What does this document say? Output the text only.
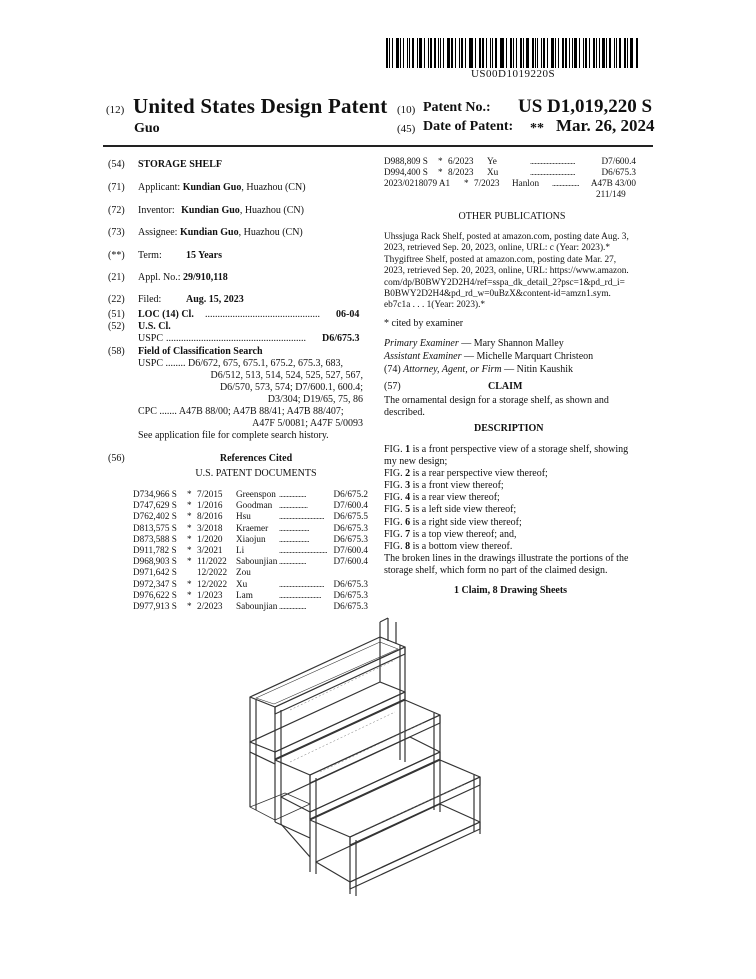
US00D1019220S
(12) United States Design Patent (10) Patent No.: US D1,019,220 S
Guo	(45) Date of Patent: ** Mar. 26, 2024
(54) STORAGE SHELF
(71) Applicant: Kundian Guo, Huazhou (CN)
(72) Inventor: Kundian Guo, Huazhou (CN)
(73) Assignee: Kundian Guo, Huazhou (CN)
(**) Term: 15 Years
(21) Appl. No.: 29/910,118
(22) Filed: Aug. 15, 2023
(51) LOC (14) Cl. .............................................. 06-04
(52) U.S. Cl.
USPC ........................................................ D6/675.3
(58) Field of Classification Search
USPC ........ D6/672, 675, 675.1, 675.2, 675.3, 683,
D6/512, 513, 514, 524, 525, 527, 567,
D6/570, 573, 574; D7/600.1, 600.4;
D3/304; D19/65, 75, 86
CPC ....... A47B 88/00; A47B 88/41; A47B 88/407;
A47F 5/0081; A47F 5/0093
See application file for complete search history.
(56)	References Cited
U.S. PATENT DOCUMENTS
D734,966 S * 7/2015 Greenspon ..................	D6/675.2
D747,629 S * 1/2016 Goodman ...................	D7/600.4
D762,402 S * 8/2016 Hsu	.............................. D6/675.5
D813,575 S * 3/2018 Kraemer ....................	D6/675.3
D873,588 S * 1/2020 Xiaojun ....................	D6/675.3
D911,782 S * 3/2021 Li	................................ D7/600.4
D968,903 S * 11/2022 Sabounjian ..................	D7/600.4
D971,642 S 12/2022 Zou
D972,347 S * 12/2022 Xu	.............................. D6/675.3
D976,622 S * 1/2023 Lam	............................ D6/675.3
D977,913 S * 2/2023 Sabounjian ..................	D6/675.3
D988,809 S * 6/2023 Ye	..............................	D7/600.4
D994,400 S * 8/2023 Xu	..............................	D6/675.3
2023/0218079 A1 * 7/2023 Hanlon .................. A47B 43/00
211/149
OTHER PUBLICATIONS
Uhssjuga Rack Shelf, posted at amazon.com, posting date Aug. 3,
2023, retrieved Sep. 20, 2023, online, URL: c (Year: 2023).*
Thygiftree Shelf, posted at amazon.com, posting date Mar. 27,
2023, retrieved Sep. 20, 2023, online, URL: https://www.amazon.
com/dp/B0BWY2D2H4/ref=sspa_dk_detail_2?psc=1&pd_rd_i=
B0BWY2D2H4&pd_rd_w=0uBzX&content-id=amzn1.sym.
eb7c1a . . . 1(Year: 2023).*
* cited by examiner
Primary Examiner — Mary Shannon Malley
Assistant Examiner — Michelle Marquart Christeon
(74) Attorney, Agent, or Firm — Nitin Kaushik
(57)	CLAIM
The ornamental design for a storage shelf, as shown and
described.
DESCRIPTION

FIG. 1 is a front perspective view of a storage shelf, showing

my new design;

FIG. 2 is a rear perspective view thereof;

FIG. 3 is a front view thereof;

FIG. 4 is a rear view thereof;

FIG. 5 is a left side view thereof;

FIG. 6 is a right side view thereof;

FIG. 7 is a top view thereof; and,

FIG. 8 is a bottom view thereof.

The broken lines in the drawings illustrate the portions of the

storage shelf, which form no part of the claimed design.

1 Claim, 8 Drawing Sheets
